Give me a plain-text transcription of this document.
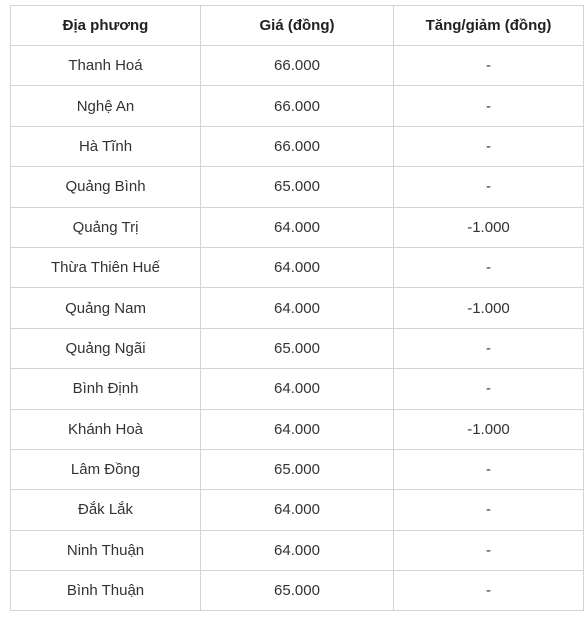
Địa phương	Giá (đồng)	Tăng/giảm (đồng)
Thanh Hoá	66.000	-
Nghệ An	66.000	-
Hà Tĩnh	66.000	-
Quảng Bình	65.000	-
Quảng Trị	64.000	-1.000
Thừa Thiên Huế	64.000	-
Quảng Nam	64.000	-1.000
Quảng Ngãi	65.000	-
Bình Định	64.000	-
Khánh Hoà	64.000	-1.000
Lâm Đồng	65.000	-
Đắk Lắk	64.000	-
Ninh Thuận	64.000	-
Bình Thuận	65.000	-
